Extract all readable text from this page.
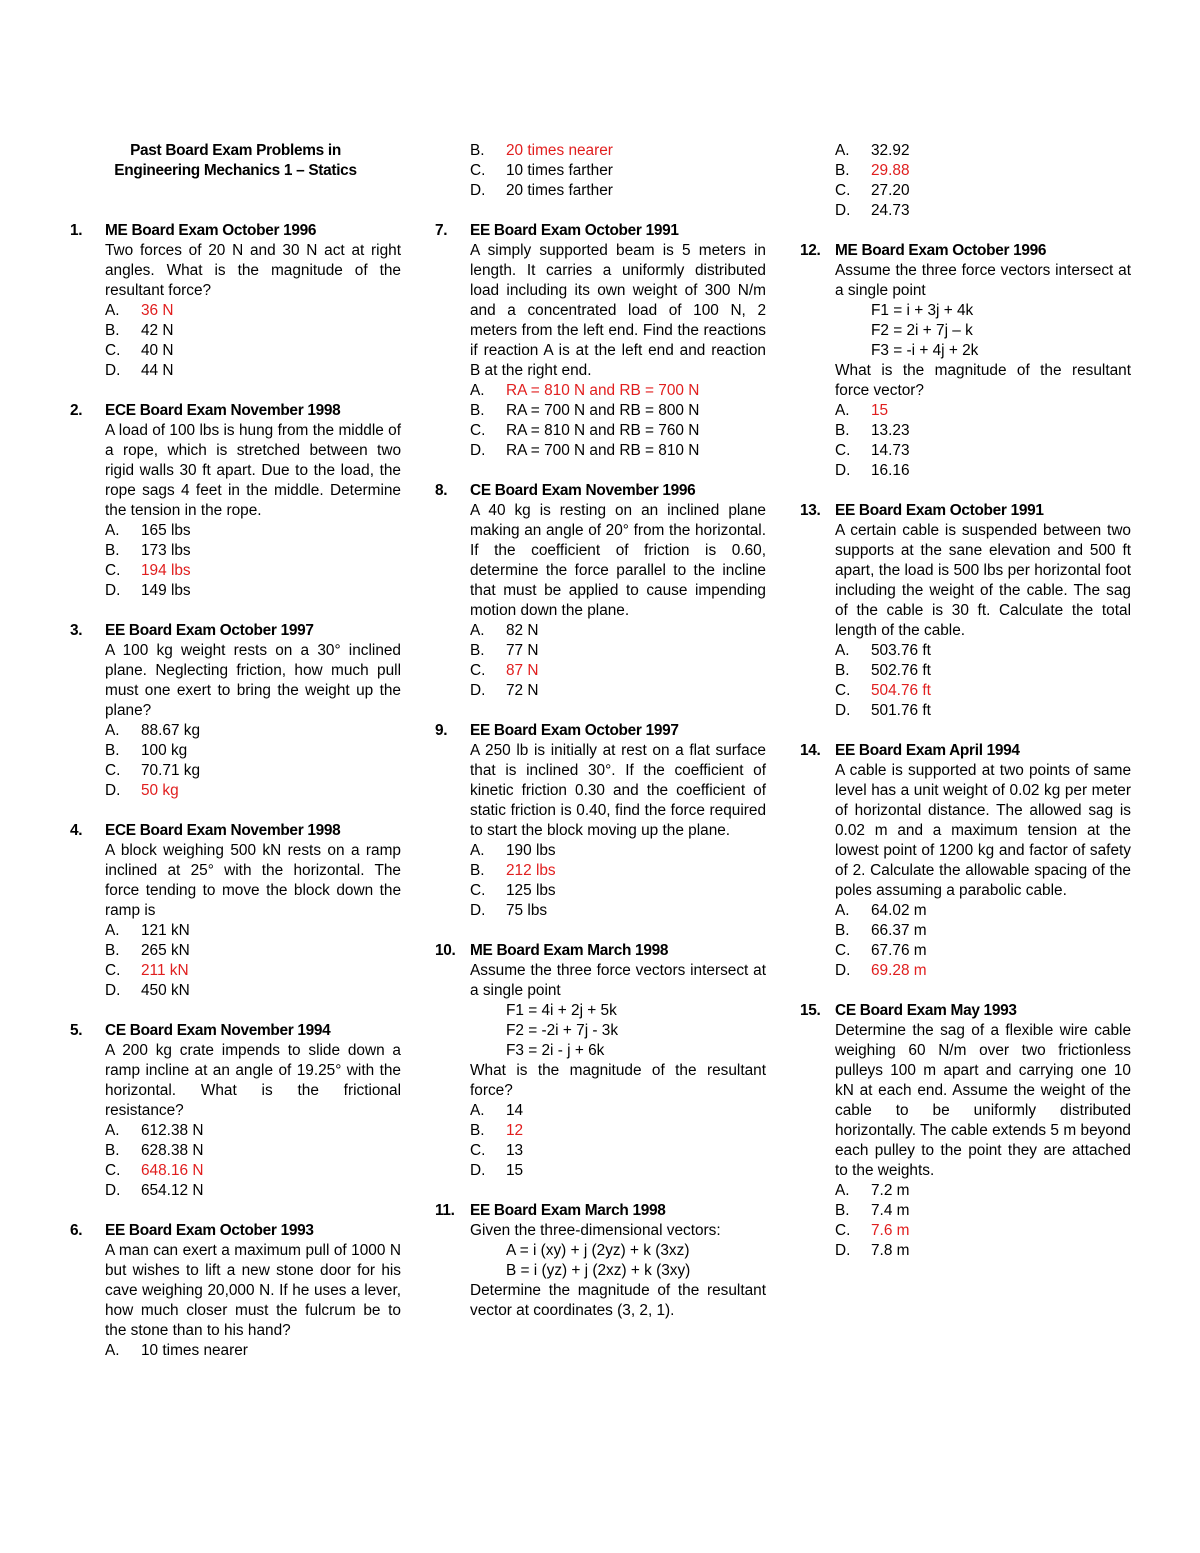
Past Board Exam Problems in
Engineering Mechanics 1 – Statics
1.	ME Board Exam October 1996
Two forces of 20 N and 30 N act at right angles. What is the magnitude of the resultant force?
A. 36 N
B. 42 N
C. 40 N
D. 44 N
2.	ECE Board Exam November 1998
A load of 100 lbs is hung from the middle of a rope, which is stretched between two rigid walls 30 ft apart. Due to the load, the rope sags 4 feet in the middle. Determine the tension in the rope.
A. 165 lbs
B. 173 lbs
C. 194 lbs
D. 149 lbs
3.	EE Board Exam October 1997
A 100 kg weight rests on a 30° inclined plane. Neglecting friction, how much pull must one exert to bring the weight up the plane?
A. 88.67 kg
B. 100 kg
C. 70.71 kg
D. 50 kg
4.	ECE Board Exam November 1998
A block weighing 500 kN rests on a ramp inclined at 25° with the horizontal. The force tending to move the block down the ramp is
A. 121 kN
B. 265 kN
C. 211 kN
D. 450 kN
5.	CE Board Exam November 1994
A 200 kg crate impends to slide down a ramp incline at an angle of 19.25° with the horizontal. What is the frictional resistance?
A. 612.38 N
B. 628.38 N
C. 648.16 N
D. 654.12 N
6.	EE Board Exam October 1993
A man can exert a maximum pull of 1000 N but wishes to lift a new stone door for his cave weighing 20,000 N. If he uses a lever, how much closer must the fulcrum be to the stone than to his hand?
A. 10 times nearer
B. 20 times nearer
C. 10 times farther
D. 20 times farther
7.	EE Board Exam October 1991
A simply supported beam is 5 meters in length. It carries a uniformly distributed load including its own weight of 300 N/m and a concentrated load of 100 N, 2 meters from the left end. Find the reactions if reaction A is at the left end and reaction B at the right end.
A. RA = 810 N and RB = 700 N
B. RA = 700 N and RB = 800 N
C. RA = 810 N and RB = 760 N
D. RA = 700 N and RB = 810 N
8.	CE Board Exam November 1996
A 40 kg is resting on an inclined plane making an angle of 20° from the horizontal. If the coefficient of friction is 0.60, determine the force parallel to the incline that must be applied to cause impending motion down the plane.
A. 82 N
B. 77 N
C. 87 N
D. 72 N
9.	EE Board Exam October 1997
A 250 lb is initially at rest on a flat surface that is inclined 30°. If the coefficient of kinetic friction 0.30 and the coefficient of static friction is 0.40, find the force required to start the block moving up the plane.
A. 190 lbs
B. 212 lbs
C. 125 lbs
D. 75 lbs
10. ME Board Exam March 1998
Assume the three force vectors intersect at a single point
F1 = 4i + 2j + 5k
F2 = -2i + 7j - 3k
F3 = 2i - j + 6k
What is the magnitude of the resultant force?
A. 14
B. 12
C. 13
D. 15
11. EE Board Exam March 1998
Given the three-dimensional vectors:
A = i (xy) + j (2yz) + k (3xz)
B = i (yz) + j (2xz) + k (3xy)
Determine the magnitude of the resultant vector at coordinates (3, 2, 1).
A. 32.92
B. 29.88
C. 27.20
D. 24.73
12. ME Board Exam October 1996
Assume the three force vectors intersect at a single point
F1 = i + 3j + 4k
F2 = 2i + 7j – k
F3 = -i + 4j + 2k
What is the magnitude of the resultant force vector?
A. 15
B. 13.23
C. 14.73
D. 16.16
13. EE Board Exam October 1991
A certain cable is suspended between two supports at the sane elevation and 500 ft apart, the load is 500 lbs per horizontal foot including the weight of the cable. The sag of the cable is 30 ft. Calculate the total length of the cable.
A. 503.76 ft
B. 502.76 ft
C. 504.76 ft
D. 501.76 ft
14. EE Board Exam April 1994
A cable is supported at two points of same level has a unit weight of 0.02 kg per meter of horizontal distance. The allowed sag is 0.02 m and a maximum tension at the lowest point of 1200 kg and factor of safety of 2. Calculate the allowable spacing of the poles assuming a parabolic cable.
A. 64.02 m
B. 66.37 m
C. 67.76 m
D. 69.28 m
15. CE Board Exam May 1993
Determine the sag of a flexible wire cable weighing 60 N/m over two frictionless pulleys 100 m apart and carrying one 10 kN at each end. Assume the weight of the cable to be uniformly distributed horizontally. The cable extends 5 m beyond each pulley to the point they are attached to the weights.
A. 7.2 m
B. 7.4 m
C. 7.6 m
D. 7.8 m
